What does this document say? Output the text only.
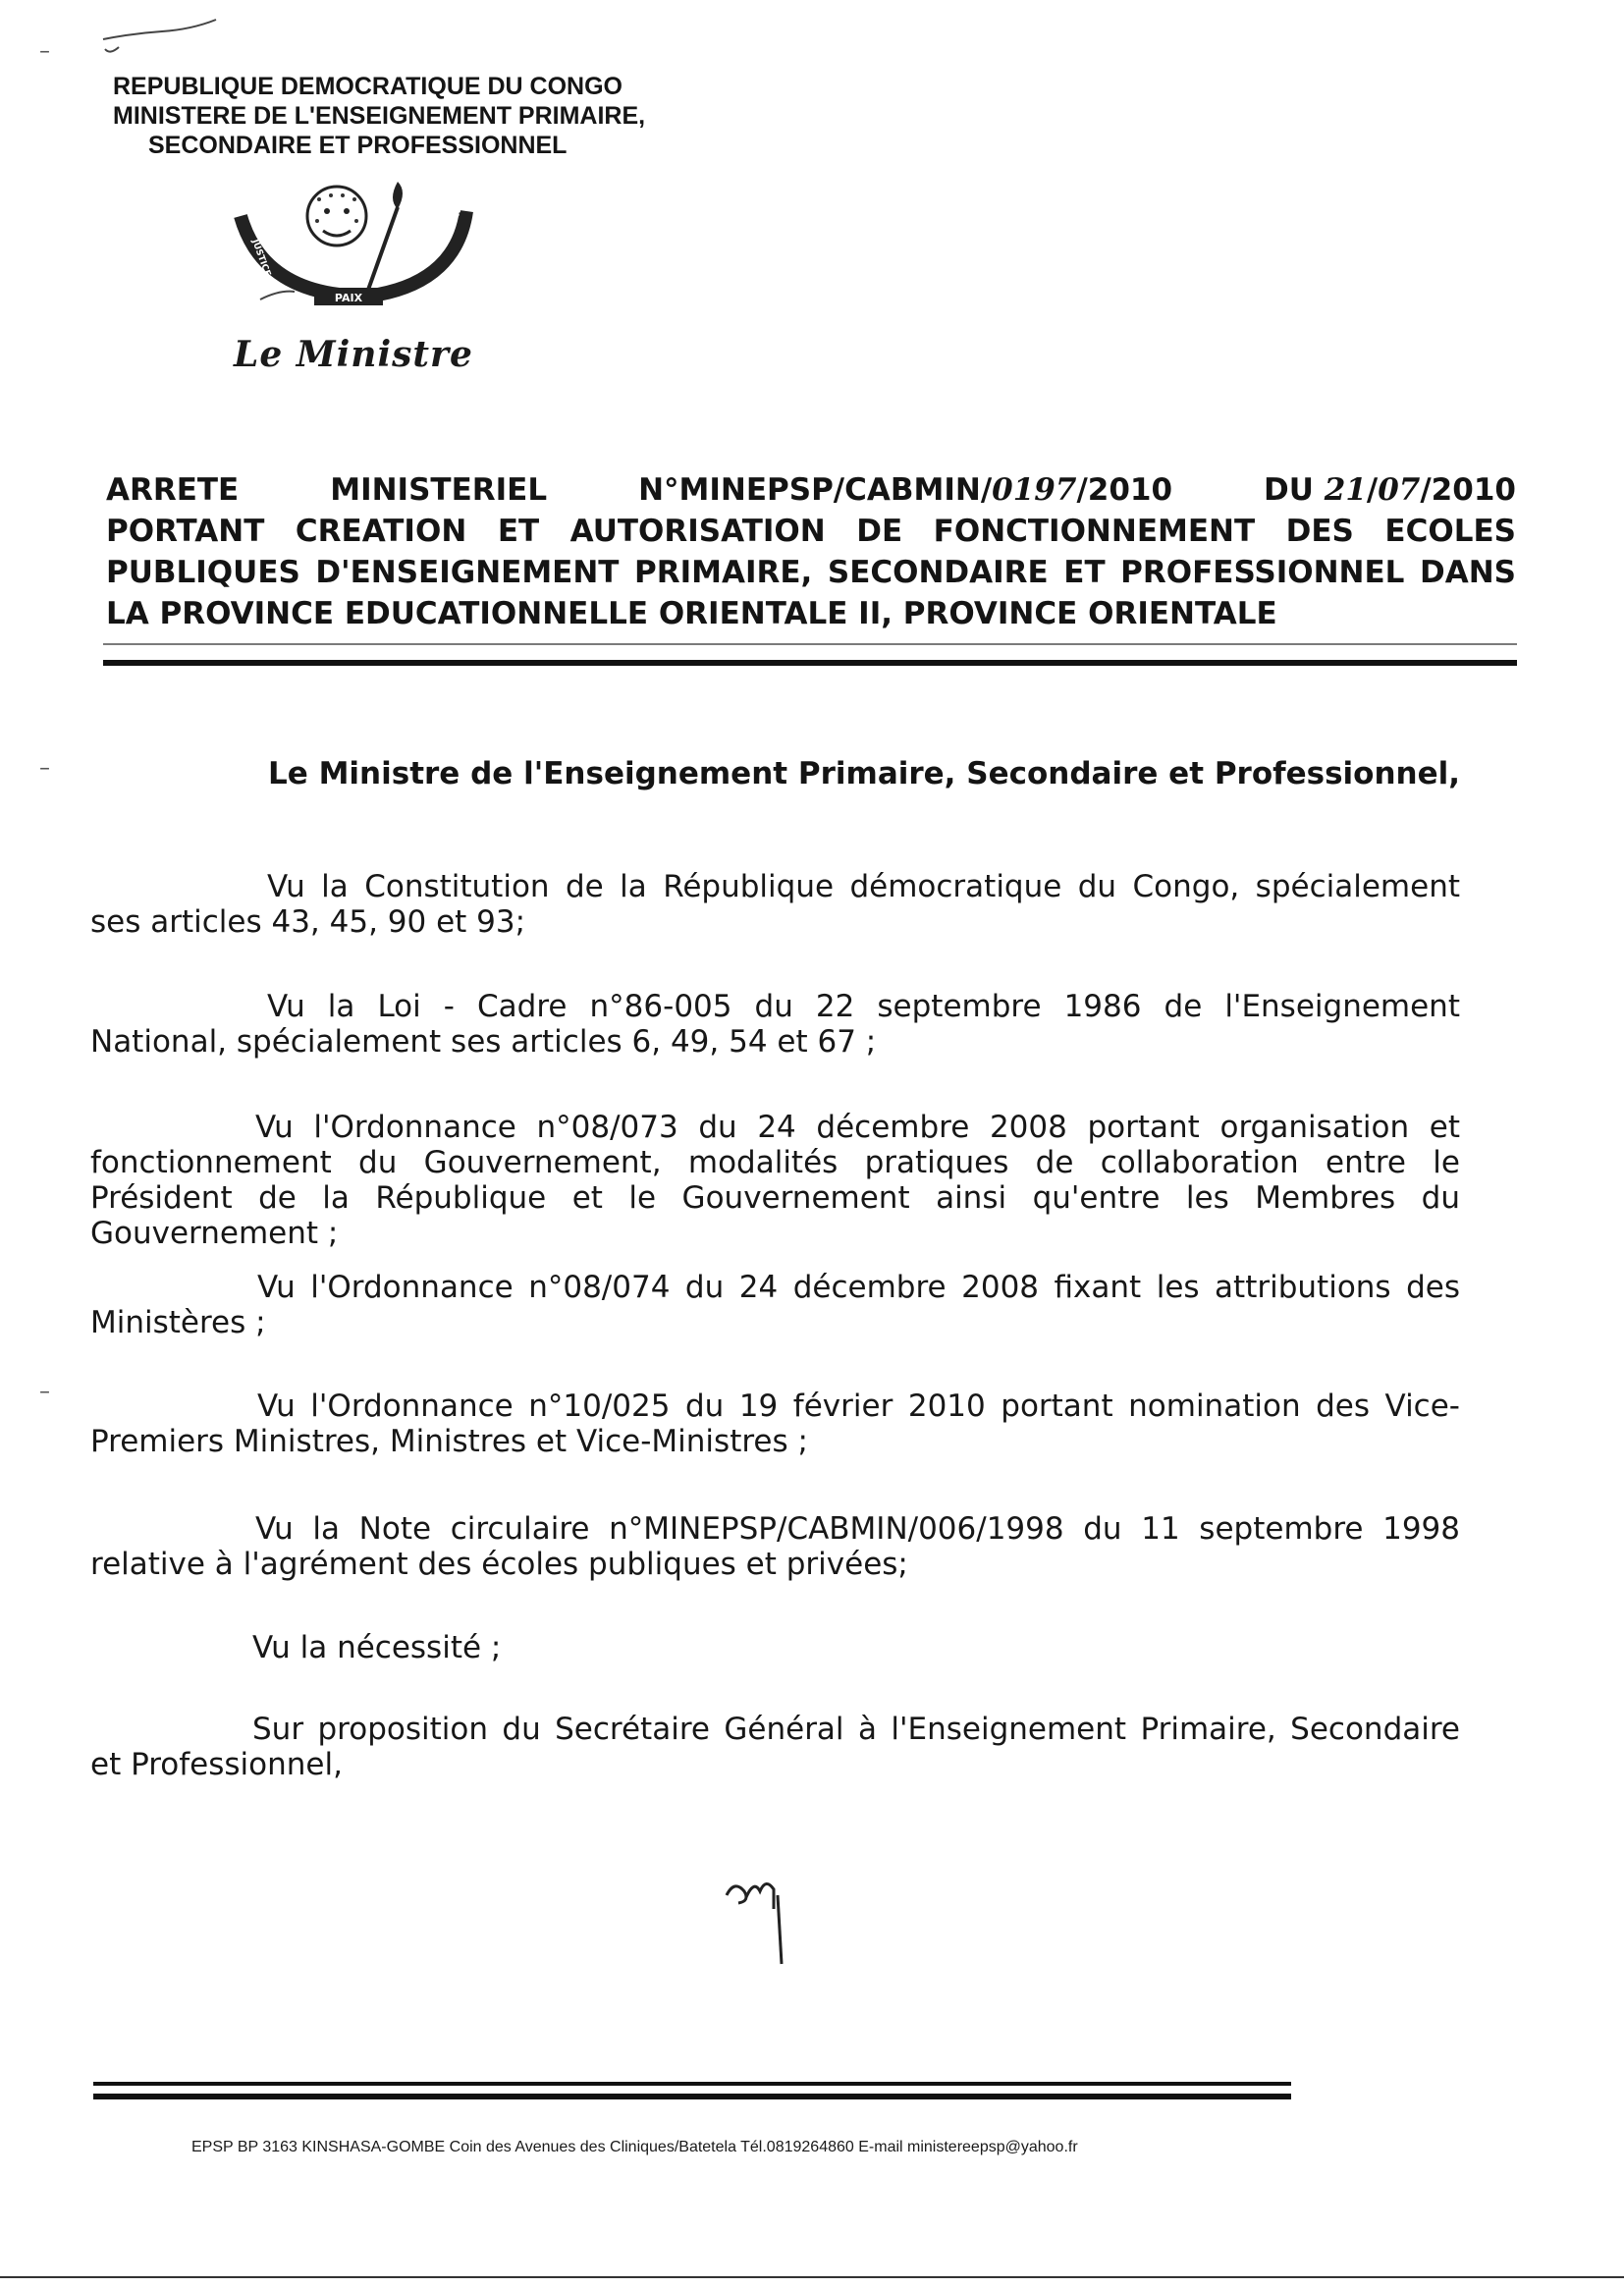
–
–
–
REPUBLIQUE DEMOCRATIQUE DU CONGO
MINISTERE DE L'ENSEIGNEMENT PRIMAIRE,
SECONDAIRE ET PROFESSIONNEL
PAIX
JUSTICE
TRAVAIL
Le Ministre
ARRETE	MINISTERIEL	N°MINEPSP/CABMIN/0197/2010	DU 21/07/2010
PORTANT CREATION ET AUTORISATION DE FONCTIONNEMENT DES ECOLES
PUBLIQUES D'ENSEIGNEMENT PRIMAIRE, SECONDAIRE ET PROFESSIONNEL DANS
LA PROVINCE EDUCATIONNELLE ORIENTALE II, PROVINCE ORIENTALE
Le Ministre de l'Enseignement Primaire, Secondaire et Professionnel,

Vu la Constitution de la République démocratique du Congo, spécialement ses articles 43, 45, 90 et 93;

Vu la Loi - Cadre n°86-005 du 22 septembre 1986 de l'Enseignement National, spécialement ses articles 6, 49, 54 et 67 ;

Vu l'Ordonnance n°08/073 du 24 décembre 2008 portant organisation et fonctionnement du Gouvernement, modalités pratiques de collaboration entre le Président de la République et le Gouvernement ainsi qu'entre les Membres du Gouvernement ;

Vu l'Ordonnance n°08/074 du 24 décembre 2008 fixant les attributions des Ministères ;

Vu l'Ordonnance n°10/025 du 19 février 2010 portant nomination des Vice-Premiers Ministres, Ministres et Vice-Ministres ;

Vu la Note circulaire n°MINEPSP/CABMIN/006/1998 du 11 septembre 1998 relative à l'agrément des écoles publiques et privées;

Vu la nécessité ;

Sur proposition du Secrétaire Général à l'Enseignement Primaire, Secondaire et Professionnel,

EPSP BP 3163 KINSHASA-GOMBE Coin des Avenues des Cliniques/Batetela Tél.0819264860 E-mail ministereepsp@yahoo.fr
